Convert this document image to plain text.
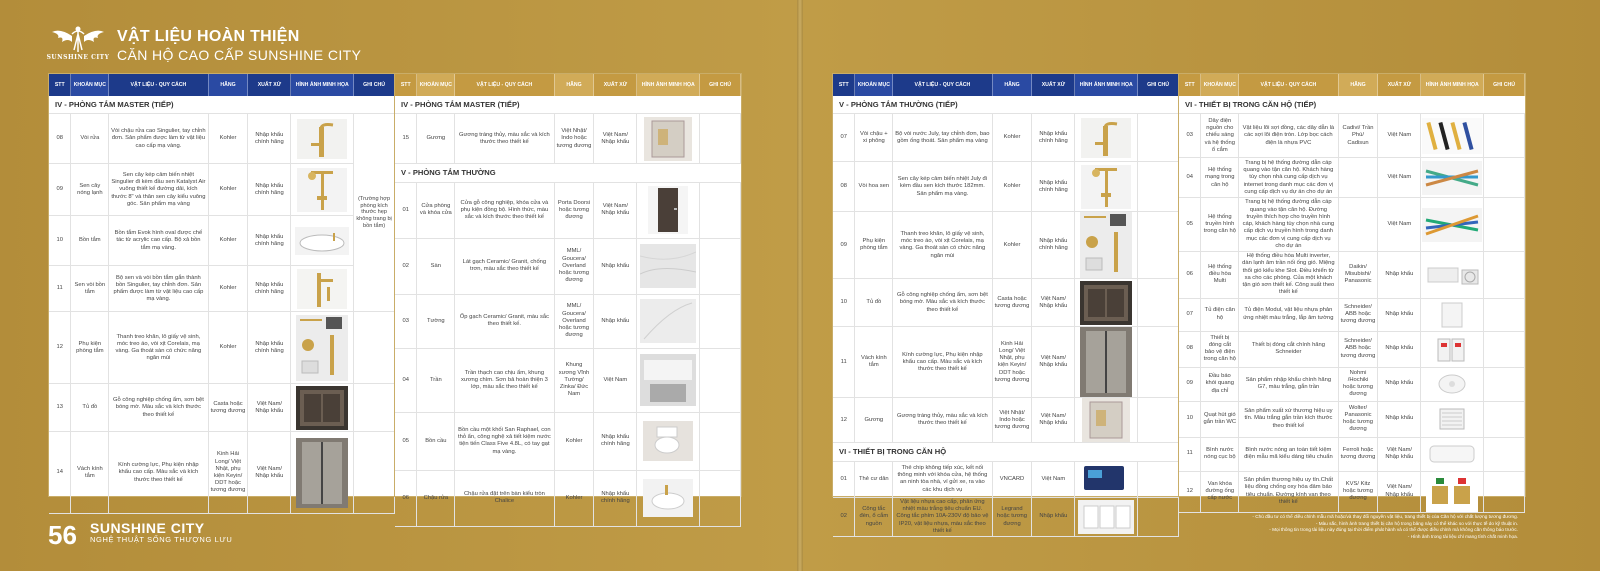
SUNSHINE CITY
VẬT LIỆU HOÀN THIỆN
CĂN HỘ CAO CẤP SUNSHINE CITY
STT	KHOẢN MỤC	VẬT LIỆU - QUY CÁCH	HÃNG	XUẤT XỨ	HÌNH ẢNH MINH HỌA	GHI CHÚ
IV - PHÒNG TẮM MASTER (TIẾP)						
08	Vòi rửa	Vòi chậu rửa cao Singulier, tay chỉnh đơn. Sản phẩm được làm từ vật liệu cao cấp mạ vàng.	Kohler	Nhập khẩu chính hãng		(Trường hợp phòng kích thước hẹp không trang bị bồn tắm)
09	Sen cây nóng lạnh	Sen cây kép cảm biến nhiệt Singulier đi kèm đầu sen Katalyst Air vuông thiết kế đường dải, kích thước 8" và thân sen cây kiểu vuông góc. Sản phẩm mạ vàng	Kohler	Nhập khẩu chính hãng	

10	Bồn tắm	Bồn tắm Evok hình oval được chế tác từ acrylic cao cấp. Bộ xả bồn tắm mạ vàng.	Kohler	Nhập khẩu chính hãng	

11	Sen vòi bồn tắm	Bộ sen và vòi bồn tắm gắn thành bồn Singulier, tay chỉnh đơn. Sản phẩm được làm từ vật liệu cao cấp mạ vàng.	Kohler	Nhập khẩu chính hãng	

12	Phụ kiện phòng tắm	Thanh treo khăn, lô giấy vệ sinh, móc treo áo, vòi xịt Corelais, mạ vàng. Ga thoát sàn có chức năng ngăn mùi	Kohler	Nhập khẩu chính hãng	

13	Tủ đồ	Gỗ công nghiệp chống ẩm, sơn bệt bóng mờ. Màu sắc và kích thước theo thiết kế	Casta hoặc tương đương	Việt Nam/ Nhập khẩu	

14	Vách kính tắm	Kính cường lực, Phụ kiện nhập khẩu cao cấp. Màu sắc và kích thước theo thiết kế	Kinh Hải Long/ Việt Nhật, phụ kiện Keyin/ DDT hoặc tương đương	Việt Nam/ Nhập khẩu	

STT	KHOẢN MỤC	VẬT LIỆU - QUY CÁCH	HÃNG	XUẤT XỨ	HÌNH ẢNH MINH HỌA	GHI CHÚ
IV - PHÒNG TẮM MASTER (TIẾP)						
15	Gương	Gương tráng thủy, màu sắc và kích thước theo thiết kế	Việt Nhật/ Indo hoặc tương đương	Việt Nam/ Nhập khẩu	

V - PHÒNG TẮM THƯỜNG						
01	Cửa phòng và khóa cửa	Cửa gỗ công nghiệp, khóa cửa và phụ kiện đồng bộ. Hình thức, màu sắc và kích thước theo thiết kế	Porta Doorsi hoặc tương đương	Việt Nam/ Nhập khẩu	

02	Sàn	Lát gạch Ceramic/ Granit, chống trơn, màu sắc theo thiết kế	MML/ Goucera/ Overland hoặc tương đương	Nhập khẩu	

03	Tường	Ốp gạch Ceramic/ Granit, màu sắc theo thiết kế.	MML/ Goucera/ Overland hoặc tương đương	Nhập khẩu	

04	Trần	Trần thạch cao chịu ẩm, khung xương chìm. Sơn bả hoàn thiện 3 lớp, màu sắc theo thiết kế	Khung xương Vĩnh Tường/ Zinka/ Đức Nam	Việt Nam	

05	Bồn cầu	Bồn cầu một khối San Raphael, con thỏ ẩn, công nghệ xả tiết kiệm nước tiện tiến Class Five 4.8L, có tay gạt mạ vàng.	Kohler	Nhập khẩu chính hãng	

06	Chậu rửa	Chậu rửa đặt trên bàn kiểu tròn Chalice	Kohler	Nhập khẩu chính hãng	

56 SUNSHINE CITY
NGHỆ THUẬT SỐNG THƯỢNG LƯU
STT	KHOẢN MỤC	VẬT LIỆU - QUY CÁCH	HÃNG	XUẤT XỨ	HÌNH ẢNH MINH HỌA	GHI CHÚ
V - PHÒNG TẮM THƯỜNG (TIẾP)						
07	Vòi chậu + xi phông	Bộ vòi nước July, tay chỉnh đơn, bao gồm ống thoát. Sản phẩm mạ vàng	Kohler	Nhập khẩu chính hãng	

08	Vòi hoa sen	Sen cây kép cảm biến nhiệt July đi kèm đầu sen kích thước 182mm. Sản phẩm mạ vàng.	Kohler	Nhập khẩu chính hãng	

09	Phụ kiện phòng tắm	Thanh treo khăn, lô giấy vệ sinh, móc treo áo, vòi xịt Corelais, mạ vàng. Ga thoát sàn có chức năng ngăn mùi	Kohler	Nhập khẩu chính hãng	

10	Tủ đồ	Gỗ công nghiệp chống ẩm, sơn bệt bóng mờ. Màu sắc và kích thước theo thiết kế	Casta hoặc tương đương	Việt Nam/ Nhập khẩu	

11	Vách kính tắm	Kính cường lực, Phụ kiện nhập khẩu cao cấp. Màu sắc và kích thước theo thiết kế	Kinh Hải Long/ Việt Nhật, phụ kiện Keyin/ DDT hoặc tương đương	Việt Nam/ Nhập khẩu	

12	Gương	Gương tráng thủy, màu sắc và kích thước theo thiết kế	Việt Nhật/ Indo hoặc tương đương	Việt Nam/ Nhập khẩu	

VI - THIẾT BỊ TRONG CĂN HỘ						
01	Thẻ cư dân	Thẻ chip không tiếp xúc, kết nối thông minh với khóa cửa, hệ thống an ninh tòa nhà, ví gửi xe, ra vào các khu dịch vụ	VNCARD	Việt Nam	

02	Công tắc đèn, ổ cắm nguồn	Vật liệu nhựa cao cấp, phản ứng nhiệt màu trắng tiêu chuẩn EU. Công tắc phím 10A-230V độ bảo vệ IP20, vật liệu nhựa, màu sắc theo thiết kế	Legrand hoặc tương đương	Nhập khẩu	

STT	KHOẢN MỤC	VẬT LIỆU - QUY CÁCH	HÃNG	XUẤT XỨ	HÌNH ẢNH MINH HỌA	GHI CHÚ
VI - THIẾT BỊ TRONG CĂN HỘ (TIẾP)						
03	Dây điện nguồn cho chiếu sáng và hệ thống ổ cắm	Vật liệu lõi sợi đồng, các dây dẫn là các sợi lõi điện tròn. Lớp bọc cách điện là nhựa PVC	Cadivi/ Trần Phú/ Cadisun	Việt Nam	

04	Hệ thống mạng trong căn hộ	Trang bị hệ thống đường dẫn cáp quang vào tận căn hộ. Khách hàng tùy chọn nhà cung cấp dịch vụ internet trong danh mục các đơn vị cung cấp dịch vụ dự án cho dự án		Việt Nam	

05	Hệ thống truyền hình trong căn hộ	Trang bị hệ thống đường dẫn cáp quang vào tận căn hộ. Đường truyền thích hợp cho truyền hình cáp, khách hàng tùy chọn nhà cung cấp dịch vụ truyền hình trong danh mục các đơn vị cung cấp dịch vụ cho dự án		Việt Nam	

06	Hệ thống điều hòa Multi	Hệ thống điều hòa Multi inverter, dàn lạnh âm trần nối ống gió. Miệng thổi gió kiểu khe Slot. Điều khiển từ xa cho các phòng. Của một khách tận gió sơn thiết kế. Công suất theo thiết kế	Daikin/ Misubishi/ Panasonic	Nhập khẩu	

07	Tủ điện căn hộ	Tủ điện Modul, vật liệu nhựa phản ứng nhiệt màu trắng, lắp âm tường	Schneider/ ABB hoặc tương đương	Nhập khẩu	

08	Thiết bị đóng cắt bảo vệ điện trong căn hộ	Thiết bị đóng cắt chính hãng Schneider	Schneider/ ABB hoặc tương đương	Nhập khẩu	

09	Đầu báo khói quang địa chỉ	Sản phẩm nhập khẩu chính hãng G7, màu trắng, gắn trần	Nohmi /Hochiki hoặc tương đương	Nhập khẩu	

10	Quạt hút gió gắn trần WC	Sản phẩm xuất xứ thương hiệu uy tín. Màu trắng gắn trần kích thước theo thiết kế	Wolter/ Panasonic hoặc tương đương	Nhập khẩu	

11	Bình nước nóng cục bộ	Bình nước nóng an toàn tiết kiệm điện mẫu mã kiểu dáng tiêu chuẩn	Ferroli hoặc tương đương	Việt Nam/ Nhập khẩu	

12	Van khóa đường ống cấp nước	Sản phẩm thương hiệu uy tín.Chất liệu đồng chống oxy hóa đảm bảo tiêu chuẩn. Đường kính van theo thiết kế	KVS/ Kitz hoặc tương đương	Việt Nam/ Nhập khẩu	

- Chủ đầu tư có thể điều chỉnh mẫu mã hoặc/và thay đổi nguyên vật liệu, trang thiết bị của Căn hộ với chất lượng tương đương.
- Màu sắc, hình ảnh trang thiết bị căn hộ trong bảng này có thể khác so với thực tế do kỹ thuật in.
- Mọi thông tin trong tài liệu này đúng tại thời điểm phát hành và có thể được điều chỉnh mà không cần thông báo trước.
- Hình ảnh trong tài liệu chỉ mang tính chất minh họa.
